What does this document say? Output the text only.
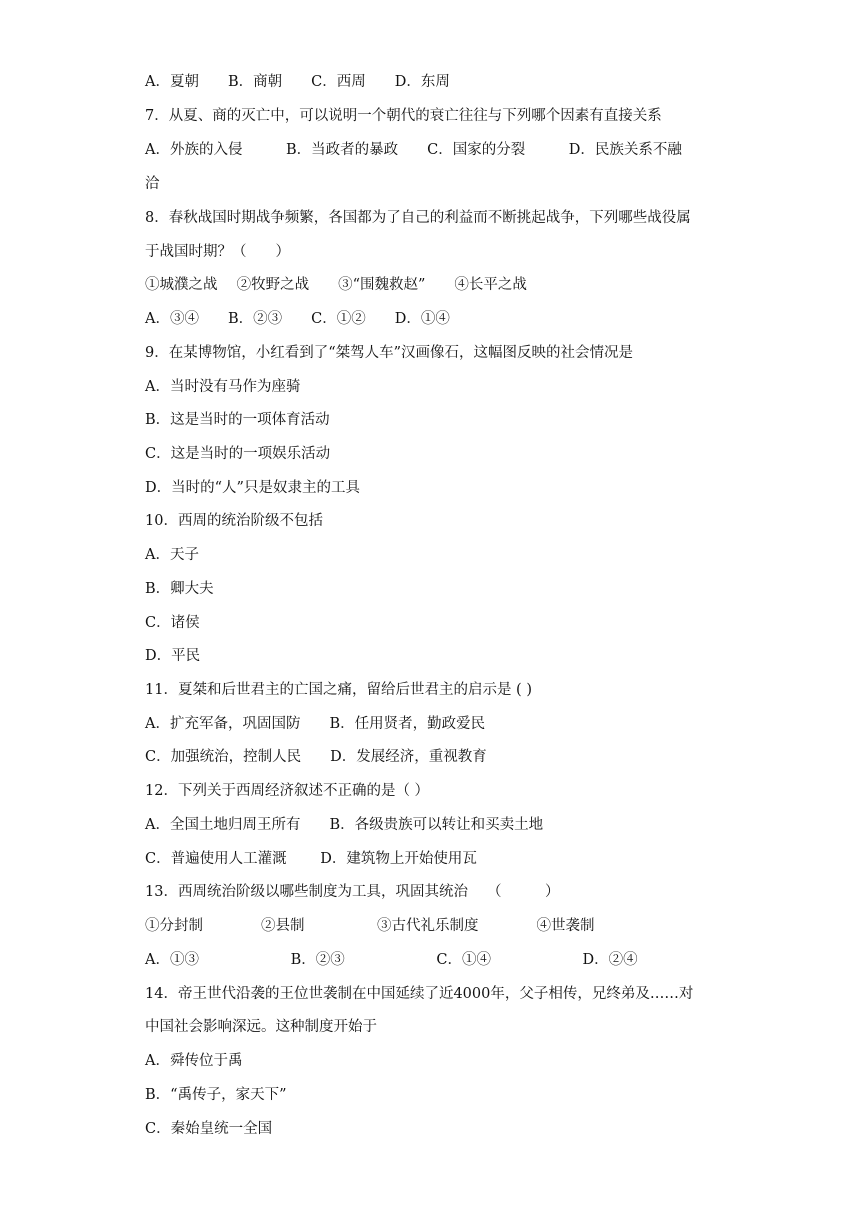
A．夏朝　　B．商朝　　C．西周　　D．东周
7．从夏、商的灭亡中，可以说明一个朝代的衰亡往往与下列哪个因素有直接关系
A．外族的入侵　　　B．当政者的暴政　　C．国家的分裂　　　D．民族关系不融
洽
8．春秋战国时期战争频繁，各国都为了自己的利益而不断挑起战争，下列哪些战役属
于战国时期？（　　）
①城濮之战　 ②牧野之战　　③“围魏救赵”　　④长平之战
A．③④　　B．②③　　C．①②　　D．①④
9．在某博物馆，小红看到了“桀驾人车”汉画像石，这幅图反映的社会情况是
A．当时没有马作为座骑
B．这是当时的一项体育活动
C．这是当时的一项娱乐活动
D．当时的“人”只是奴隶主的工具
10．西周的统治阶级不包括
A．天子
B．卿大夫
C．诸侯
D．平民
11．夏桀和后世君主的亡国之痛，留给后世君主的启示是 ( )
A．扩充军备，巩固国防　　B．任用贤者，勤政爱民
C．加强统治，控制人民　　D．发展经济，重视教育
12．下列关于西周经济叙述不正确的是（ ）
A．全国土地归周王所有　　B．各级贵族可以转让和买卖土地
C．普遍使用人工灌溉　　 D．建筑物上开始使用瓦
13．西周统治阶级以哪些制度为工具，巩固其统治　 （　　　）
①分封制　　　　②县制　　　　　③古代礼乐制度　　　　④世袭制
A．①③　　　　　　 B．②③　　　　　　 C．①④　　　　　　 D．②④
14．帝王世代沿袭的王位世袭制在中国延续了近4000年，父子相传，兄终弟及……对
中国社会影响深远。这种制度开始于
A．舜传位于禹
B．“禹传子，家天下”
C．秦始皇统一全国
